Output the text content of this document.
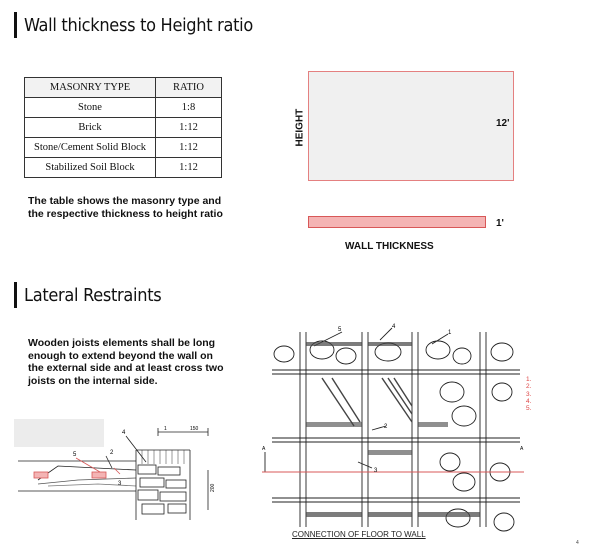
Wall thickness to Height ratio
MASONRY TYPE	RATIO
Stone	1:8
Brick	1:12
Stone/Cement Solid Block	1:12
Stabilized Soil Block	1:12

The table shows the masonry type and the respective thickness to height ratio

HEIGHT	12'
1'
WALL THICKNESS
Lateral Restraints

Wooden joists elements shall be long enough to extend beyond the wall on the external side and at least cross two joists on the internal side.

5	2
4
1
3
150
200
5	4
1
2
3
A	A
1.
2.
3.
4.
5.
CONNECTION OF FLOOR TO WALL
4
